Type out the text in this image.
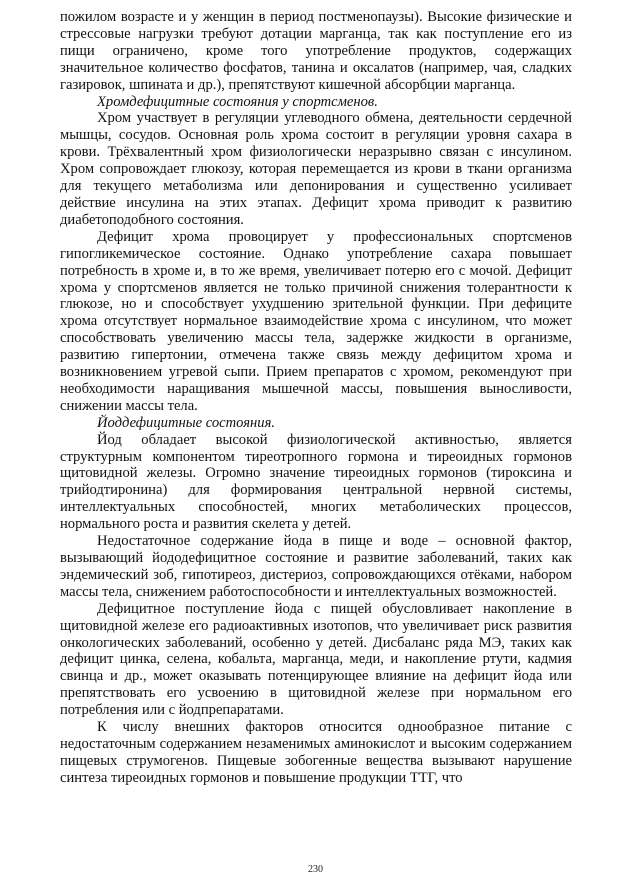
пожилом возрасте и у женщин в период постменопаузы). Высокие физические и стрессовые нагрузки требуют дотации марганца, так как поступление его из пищи ограничено, кроме того употребление продуктов, содержащих значительное количество фосфатов, танина и оксалатов (например, чая, сладких газировок, шпината и др.), препятствуют кишечной абсорбции марганца.

Хромдефицитные состояния у спортсменов.

Хром участвует в регуляции углеводного обмена, деятельности сердечной мышцы, сосудов. Основная роль хрома состоит в регуляции уровня сахара в крови. Трёхвалентный хром физиологически неразрывно связан с инсулином. Хром сопровождает глюкозу, которая перемещается из крови в ткани организма для текущего метаболизма или депонирования и существенно усиливает действие инсулина на этих этапах. Дефицит хрома приводит к развитию диабетоподобного состояния.

Дефицит хрома провоцирует у профессиональных спортсменов гипогликемическое состояние. Однако употребление сахара повышает потребность в хроме и, в то же время, увеличивает потерю его с мочой. Дефицит хрома у спортсменов является не только причиной снижения толерантности к глюкозе, но и способствует ухудшению зрительной функции. При дефиците хрома отсутствует нормальное взаимодействие хрома с инсулином, что может способствовать увеличению массы тела, задержке жидкости в организме, развитию гипертонии, отмечена также связь между дефицитом хрома и возникновением угревой сыпи. Прием препаратов с хромом, рекомендуют при необходимости наращивания мышечной массы, повышения выносливости, снижении массы тела.

Йоддефицитные состояния.

Йод обладает высокой физиологической активностью, является структурным компонентом тиреотропного гормона и тиреоидных гормонов щитовидной железы. Огромно значение тиреоидных гормонов (тироксина и трийодтиронина) для формирования центральной нервной системы, интеллектуальных способностей, многих метаболических процессов, нормального роста и развития скелета у детей.

Недостаточное содержание йода в пище и воде – основной фактор, вызывающий йододефицитное состояние и развитие заболеваний, таких как эндемический зоб, гипотиреоз, дистериоз, сопровождающихся отёками, набором массы тела, снижением работоспособности и интеллектуальных возможностей.

Дефицитное поступление йода с пищей обусловливает накопление в щитовидной железе его радиоактивных изотопов, что увеличивает риск развития онкологических заболеваний, особенно у детей. Дисбаланс ряда МЭ, таких как дефицит цинка, селена, кобальта, марганца, меди, и накопление ртути, кадмия свинца и др., может оказывать потенцирующее влияние на дефицит йода или препятствовать его усвоению в щитовидной железе при нормальном его потребления или с йодпрепаратами.

К числу внешних факторов относится однообразное питание с недостаточным содержанием незаменимых аминокислот и высоким содержанием пищевых струмогенов. Пищевые зобогенные вещества вызывают нарушение синтеза тиреоидных гормонов и повышение продукции ТТГ, что

230
